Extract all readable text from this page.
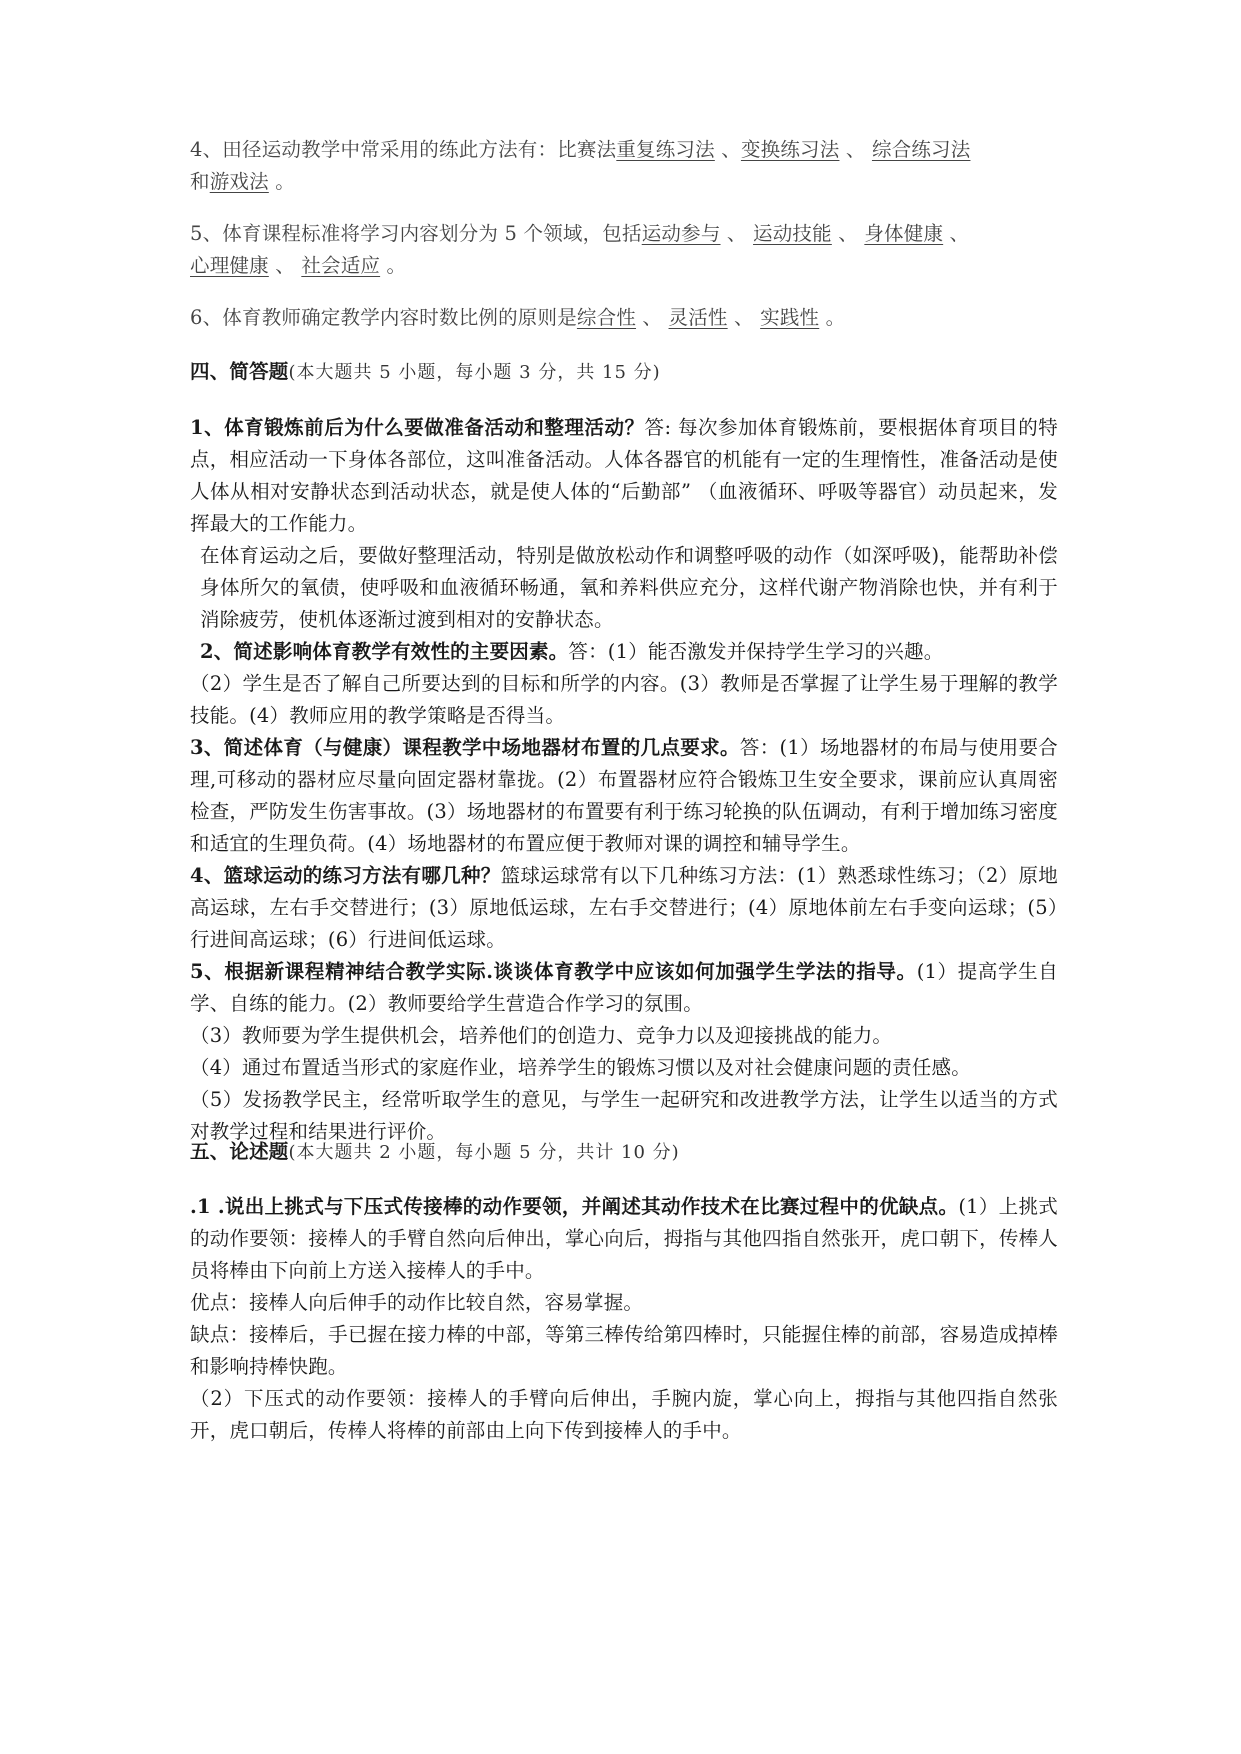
4、田径运动教学中常采用的练此方法有：比赛法重复练习法 、变换练习法 、 综合练习法
和游戏法 。

5、体育课程标准将学习内容划分为 5 个领域，包括运动参与 、 运动技能 、 身体健康 、
心理健康 、 社会适应 。

6、体育教师确定教学内容时数比例的原则是综合性 、 灵活性 、 实践性 。

四、简答题(本大题共 5 小题，每小题 3 分，共 15 分)

1、体育锻炼前后为什么要做准备活动和整理活动？答: 每次参加体育锻炼前，要根据体育项目的特点，相应活动一下身体各部位，这叫准备活动。人体各器官的机能有一定的生理惰性，准备活动是使人体从相对安静状态到活动状态，就是使人体的“后勤部” （血液循环、呼吸等器官）动员起来，发挥最大的工作能力。

在体育运动之后，要做好整理活动，特别是做放松动作和调整呼吸的动作（如深呼吸)，能帮助补偿身体所欠的氧债，使呼吸和血液循环畅通，氧和养料供应充分，这样代谢产物消除也快，并有利于消除疲劳，使机体逐渐过渡到相对的安静状态。

2、简述影响体育教学有效性的主要因素。答：(1）能否激发并保持学生学习的兴趣。

（2）学生是否了解自己所要达到的目标和所学的内容。(3）教师是否掌握了让学生易于理解的教学技能。(4）教师应用的教学策略是否得当。

3、简述体育（与健康）课程教学中场地器材布置的几点要求。答：(1）场地器材的布局与使用要合理,可移动的器材应尽量向固定器材靠拢。(2）布置器材应符合锻炼卫生安全要求，课前应认真周密检查，严防发生伤害事故。(3）场地器材的布置要有利于练习轮换的队伍调动，有利于增加练习密度和适宜的生理负荷。(4）场地器材的布置应便于教师对课的调控和辅导学生。

4、篮球运动的练习方法有哪几种？篮球运球常有以下几种练习方法：(1）熟悉球性练习；（2）原地高运球，左右手交替进行；(3）原地低运球，左右手交替进行；(4）原地体前左右手变向运球；(5）行进间高运球；(6）行进间低运球。

5、根据新课程精神结合教学实际.谈谈体育教学中应该如何加强学生学法的指导。(1）提高学生自学、自练的能力。(2）教师要给学生营造合作学习的氛围。

（3）教师要为学生提供机会，培养他们的创造力、竞争力以及迎接挑战的能力。

（4）通过布置适当形式的家庭作业，培养学生的锻炼习惯以及对社会健康问题的责任感。

（5）发扬教学民主，经常听取学生的意见，与学生一起研究和改进教学方法，让学生以适当的方式对教学过程和结果进行评价。

五、论述题(本大题共 2 小题，每小题 5 分，共计 10 分)

.1 .说出上挑式与下压式传接棒的动作要领，并阐述其动作技术在比赛过程中的优缺点。(1）上挑式的动作要领：接棒人的手臂自然向后伸出，掌心向后，拇指与其他四指自然张开，虎口朝下，传棒人员将棒由下向前上方送入接棒人的手中。

优点：接棒人向后伸手的动作比较自然，容易掌握。

缺点：接棒后，手已握在接力棒的中部，等第三棒传给第四棒时，只能握住棒的前部，容易造成掉棒和影响持棒快跑。

（2）下压式的动作要领：接棒人的手臂向后伸出，手腕内旋，掌心向上，拇指与其他四指自然张开，虎口朝后，传棒人将棒的前部由上向下传到接棒人的手中。
